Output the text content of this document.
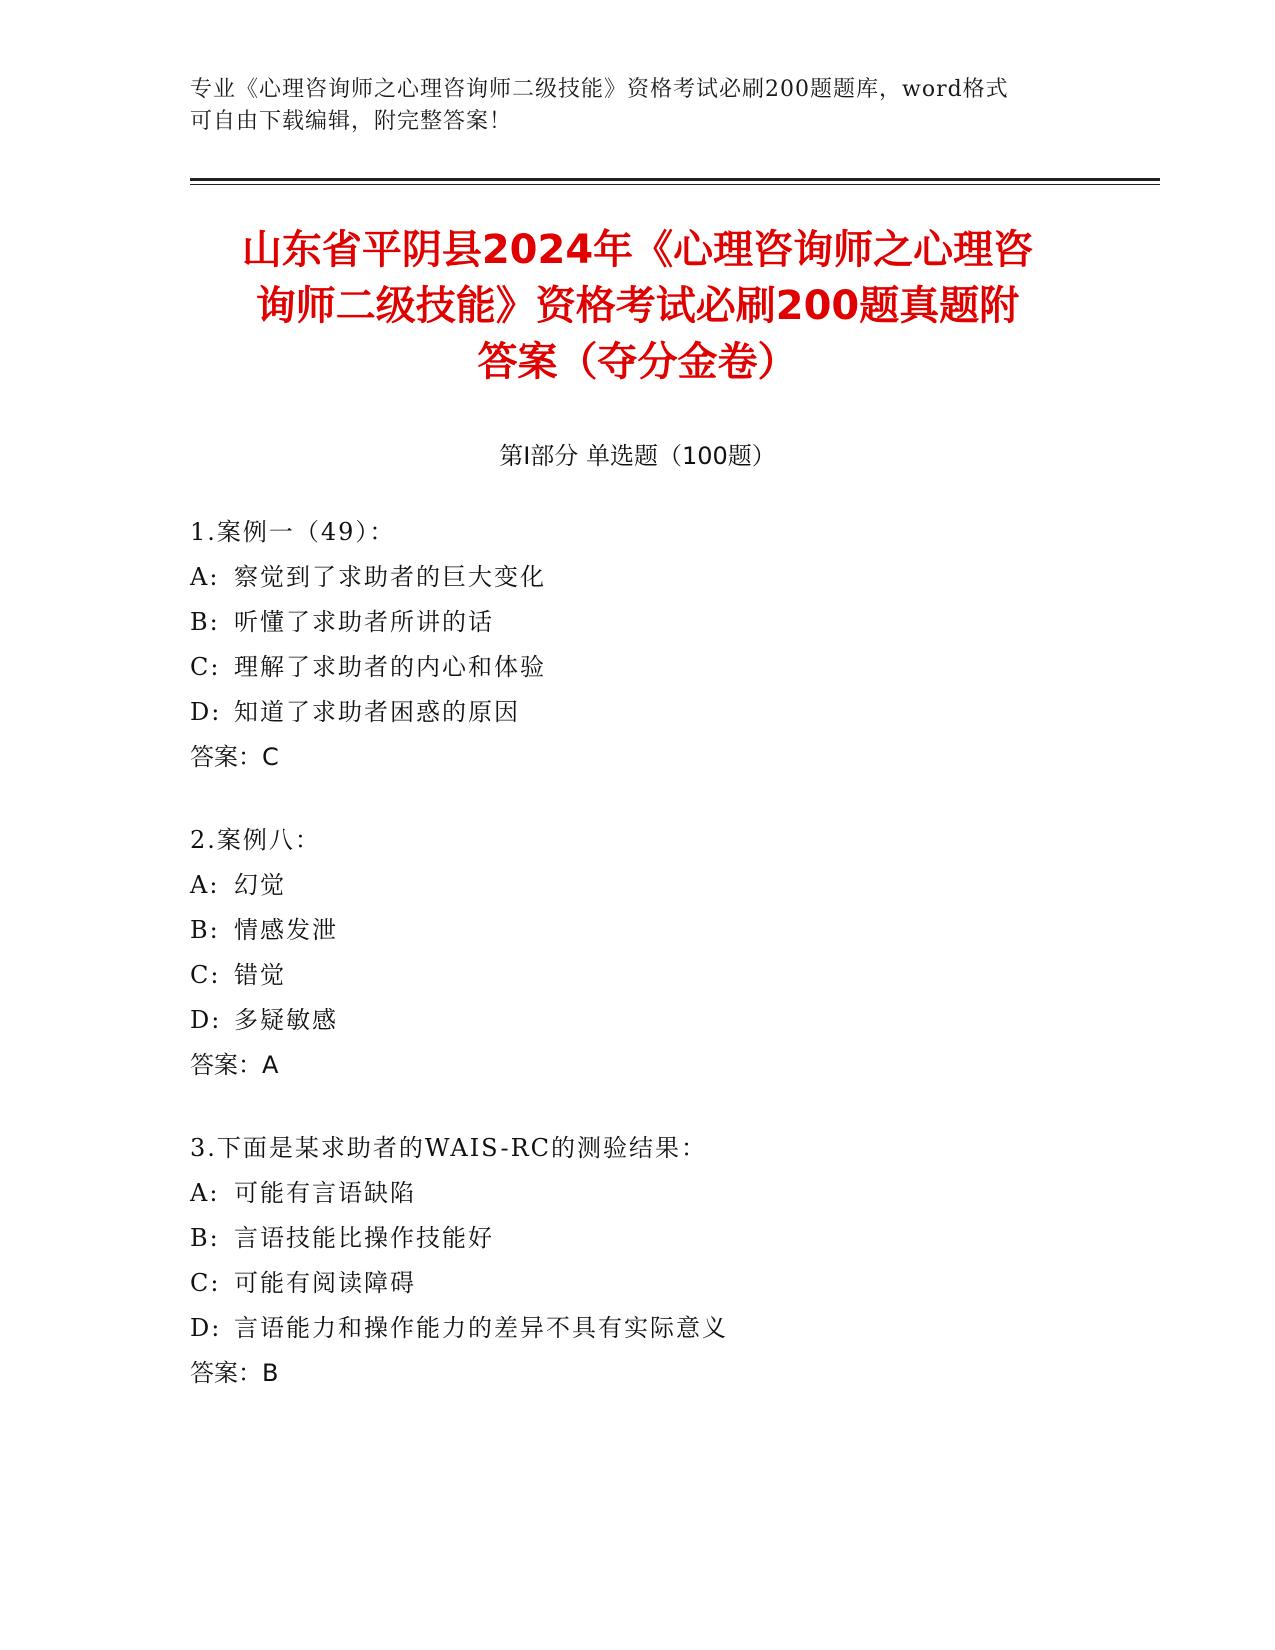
专业《心理咨询师之心理咨询师二级技能》资格考试必刷200题题库，word格式
可自由下载编辑，附完整答案！
山东省平阴县2024年《心理咨询师之心理咨
询师二级技能》资格考试必刷200题真题附
答案（夺分金卷）
第Ⅰ部分 单选题（100题）
1.案例一（49）：
A: 察觉到了求助者的巨大变化
B: 听懂了求助者所讲的话
C: 理解了求助者的内心和体验
D: 知道了求助者困惑的原因
答案：C
2.案例八：
A: 幻觉
B: 情感发泄
C: 错觉
D: 多疑敏感
答案：A
3.下面是某求助者的WAIS-RC的测验结果：
A: 可能有言语缺陷
B: 言语技能比操作技能好
C: 可能有阅读障碍
D: 言语能力和操作能力的差异不具有实际意义
答案：B
